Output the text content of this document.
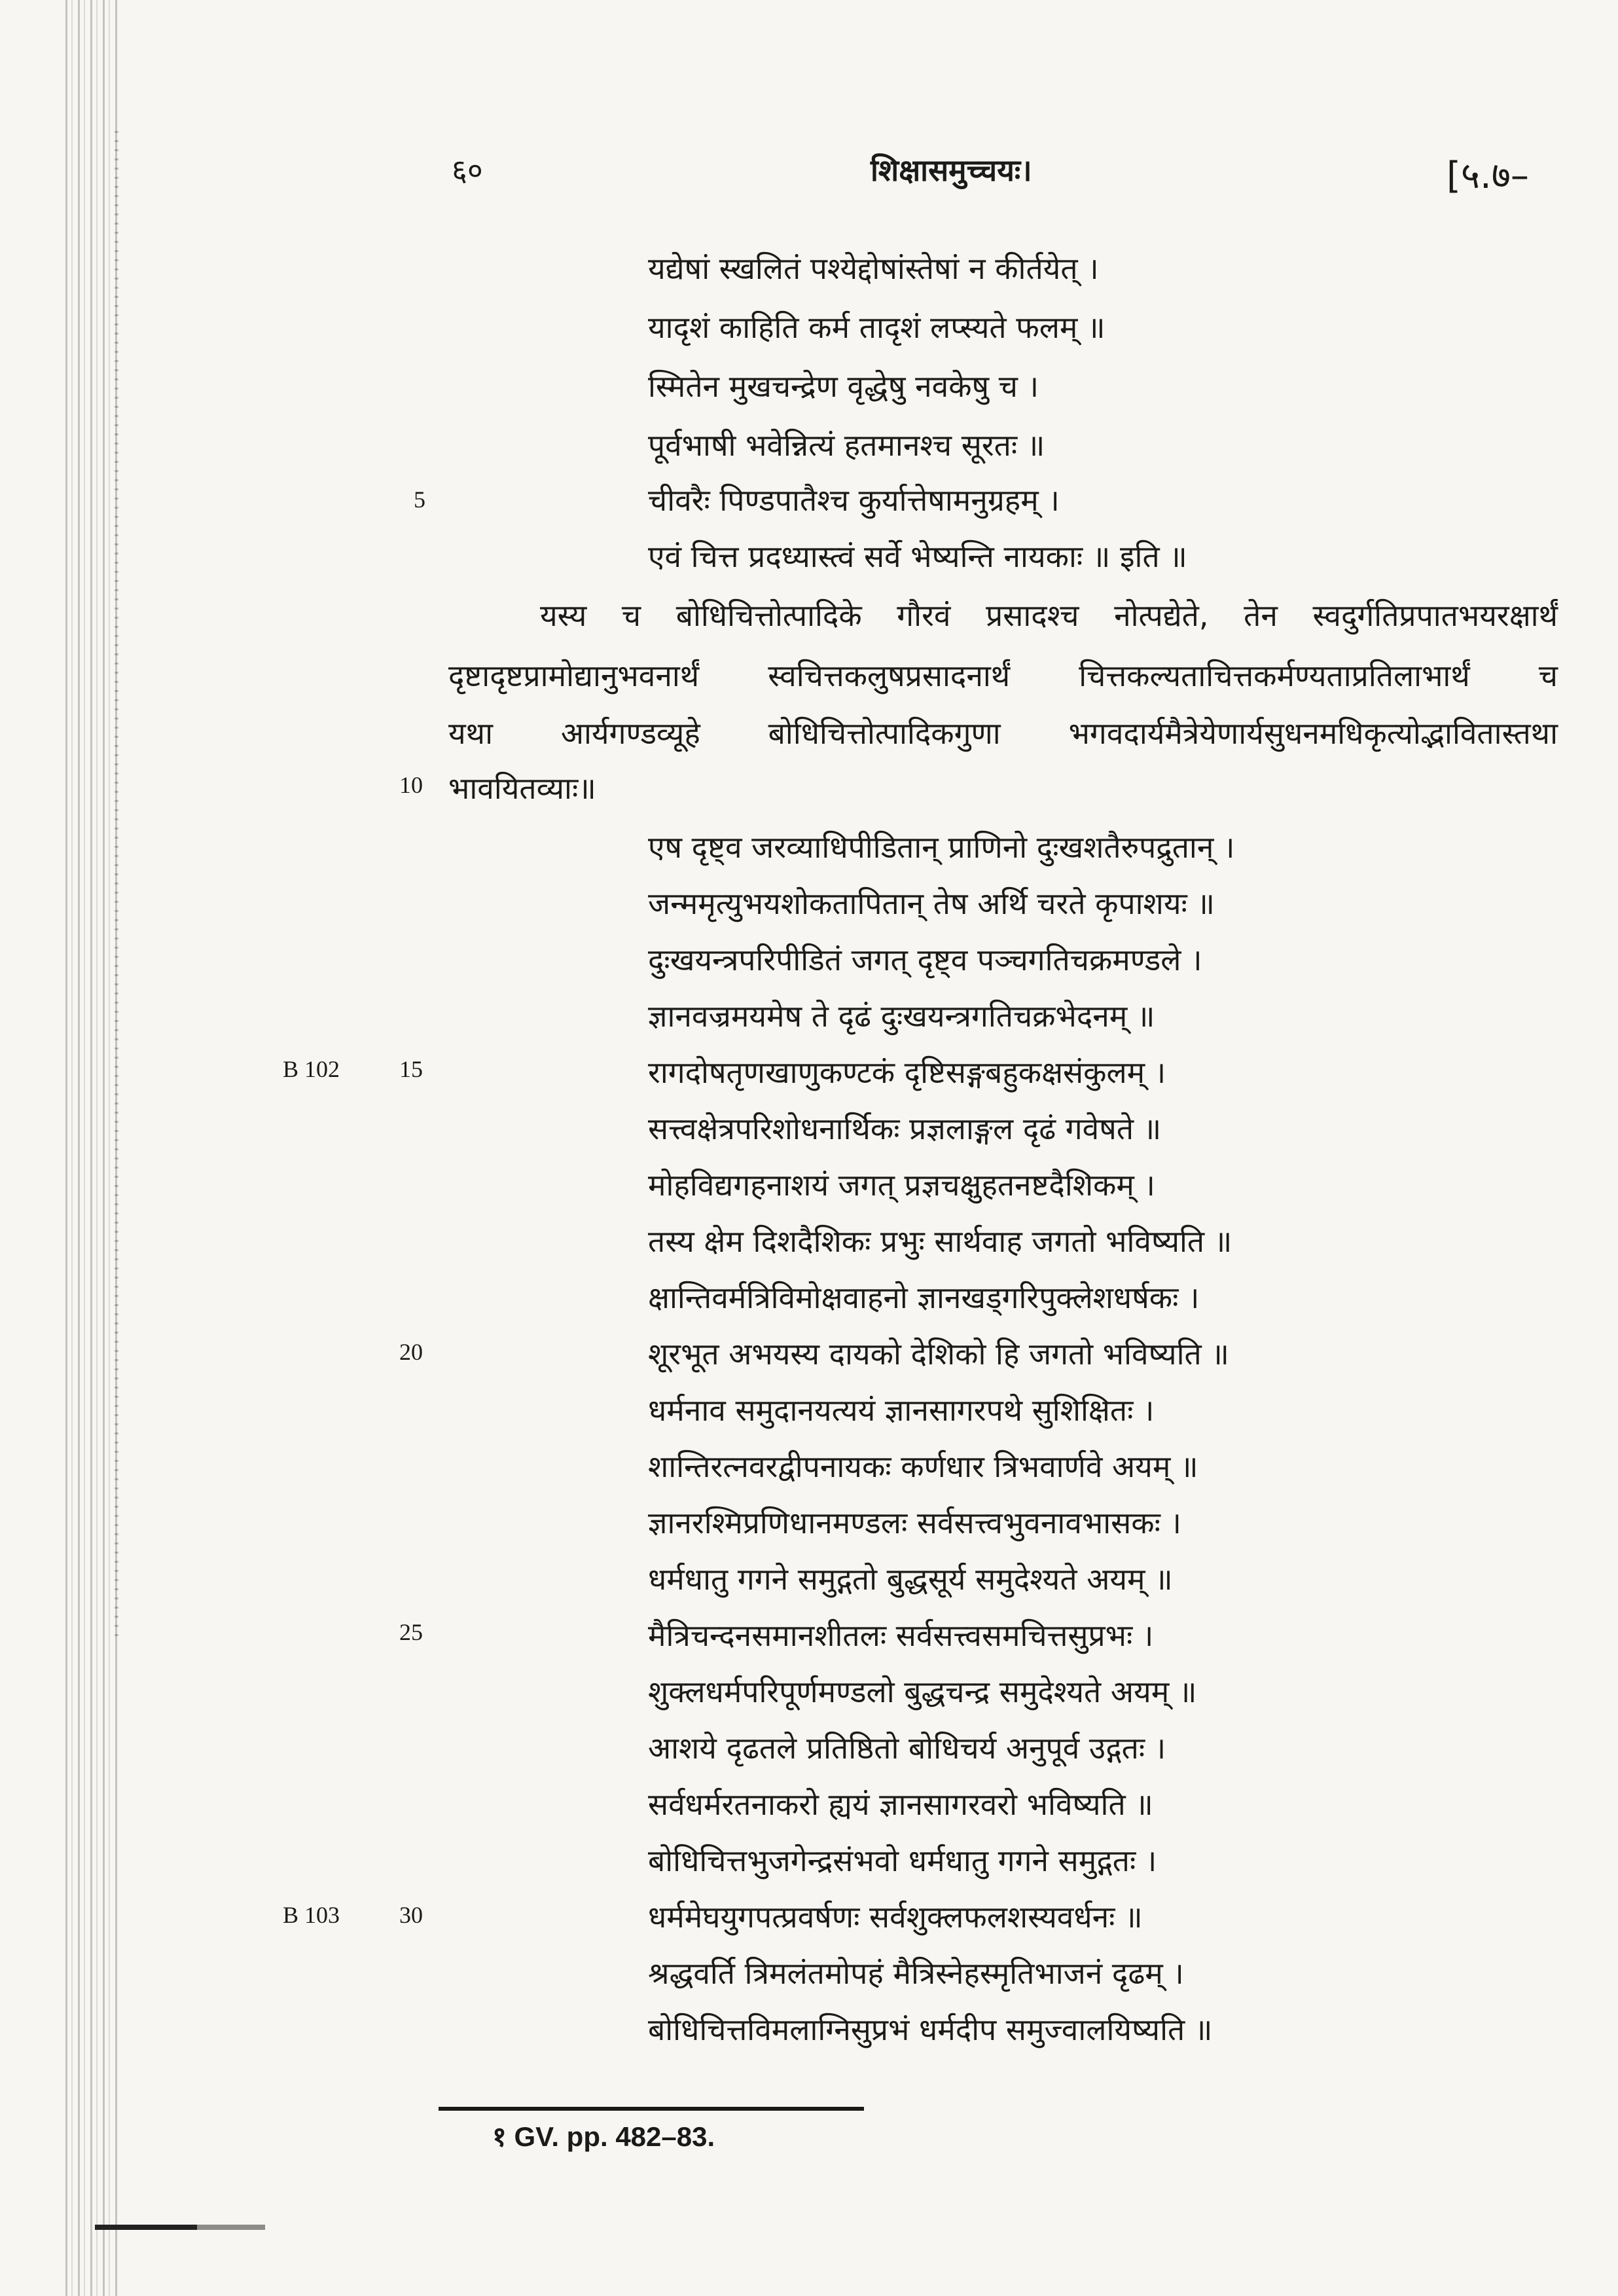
६०	शिक्षासमुच्चयः।	[५.७–
यद्येषां स्खलितं पश्येद्दोषांस्तेषां न कीर्तयेत् ।
यादृशं काहिति कर्म तादृशं लप्स्यते फलम् ॥
स्मितेन मुखचन्द्रेण वृद्धेषु नवकेषु च ।
पूर्वभाषी भवेन्नित्यं हतमानश्च सूरतः ॥
चीवरैः पिण्डपातैश्च कुर्यात्तेषामनुग्रहम् ।
एवं चित्त प्रदध्यास्त्वं सर्वे भेष्यन्ति नायकाः ॥ इति ॥
यस्य च बोधिचित्तोत्पादिके गौरवं प्रसादश्च नोत्पद्येते, तेन स्वदुर्गतिप्रपातभयरक्षार्थं
दृष्टादृष्टप्रामोद्यानुभवनार्थं स्वचित्तकलुषप्रसादनार्थं चित्तकल्यताचित्तकर्मण्यताप्रतिलाभार्थं च
यथा आर्यगण्डव्यूहे बोधिचित्तोत्पादिकगुणा भगवदार्यमैत्रेयेणार्यसुधनमधिकृत्योद्भावितास्तथा
भावयितव्याः॥
एष दृष्ट्व जरव्याधिपीडितान् प्राणिनो दुःखशतैरुपद्रुतान् ।
जन्ममृत्युभयशोकतापितान् तेष अर्थि चरते कृपाशयः ॥
दुःखयन्त्रपरिपीडितं जगत् दृष्ट्व पञ्चगतिचक्रमण्डले ।
ज्ञानवज्रमयमेष ते दृढं दुःखयन्त्रगतिचक्रभेदनम् ॥
रागदोषतृणखाणुकण्टकं दृष्टिसङ्गबहुकक्षसंकुलम् ।
सत्त्वक्षेत्रपरिशोधनार्थिकः प्रज्ञलाङ्गल दृढं गवेषते ॥
मोहविद्यगहनाशयं जगत् प्रज्ञचक्षुहतनष्टदैशिकम् ।
तस्य क्षेम दिशदैशिकः प्रभुः सार्थवाह जगतो भविष्यति ॥
क्षान्तिवर्मत्रिविमोक्षवाहनो ज्ञानखड्गरिपुक्लेशधर्षकः ।
शूरभूत अभयस्य दायको देशिको हि जगतो भविष्यति ॥
धर्मनाव समुदानयत्ययं ज्ञानसागरपथे सुशिक्षितः ।
शान्तिरत्नवरद्वीपनायकः कर्णधार त्रिभवार्णवे अयम् ॥
ज्ञानरश्मिप्रणिधानमण्डलः सर्वसत्त्वभुवनावभासकः ।
धर्मधातु गगने समुद्गतो बुद्धसूर्य समुदेश्यते अयम् ॥
मैत्रिचन्दनसमानशीतलः सर्वसत्त्वसमचित्तसुप्रभः ।
शुक्लधर्मपरिपूर्णमण्डलो बुद्धचन्द्र समुदेश्यते अयम् ॥
आशये दृढतले प्रतिष्ठितो बोधिचर्य अनुपूर्व उद्गतः ।
सर्वधर्मरतनाकरो ह्ययं ज्ञानसागरवरो भविष्यति ॥
बोधिचित्तभुजगेन्द्रसंभवो धर्मधातु गगने समुद्गतः ।
धर्ममेघयुगपत्प्रवर्षणः सर्वशुक्लफलशस्यवर्धनः ॥
श्रद्धवर्ति त्रिमलंतमोपहं मैत्रिस्नेहस्मृतिभाजनं दृढम् ।
बोधिचित्तविमलाग्निसुप्रभं धर्मदीप समुज्वालयिष्यति ॥
5
10
15
20
25
30
B 102
B 103
१ GV. pp. 482–83.
